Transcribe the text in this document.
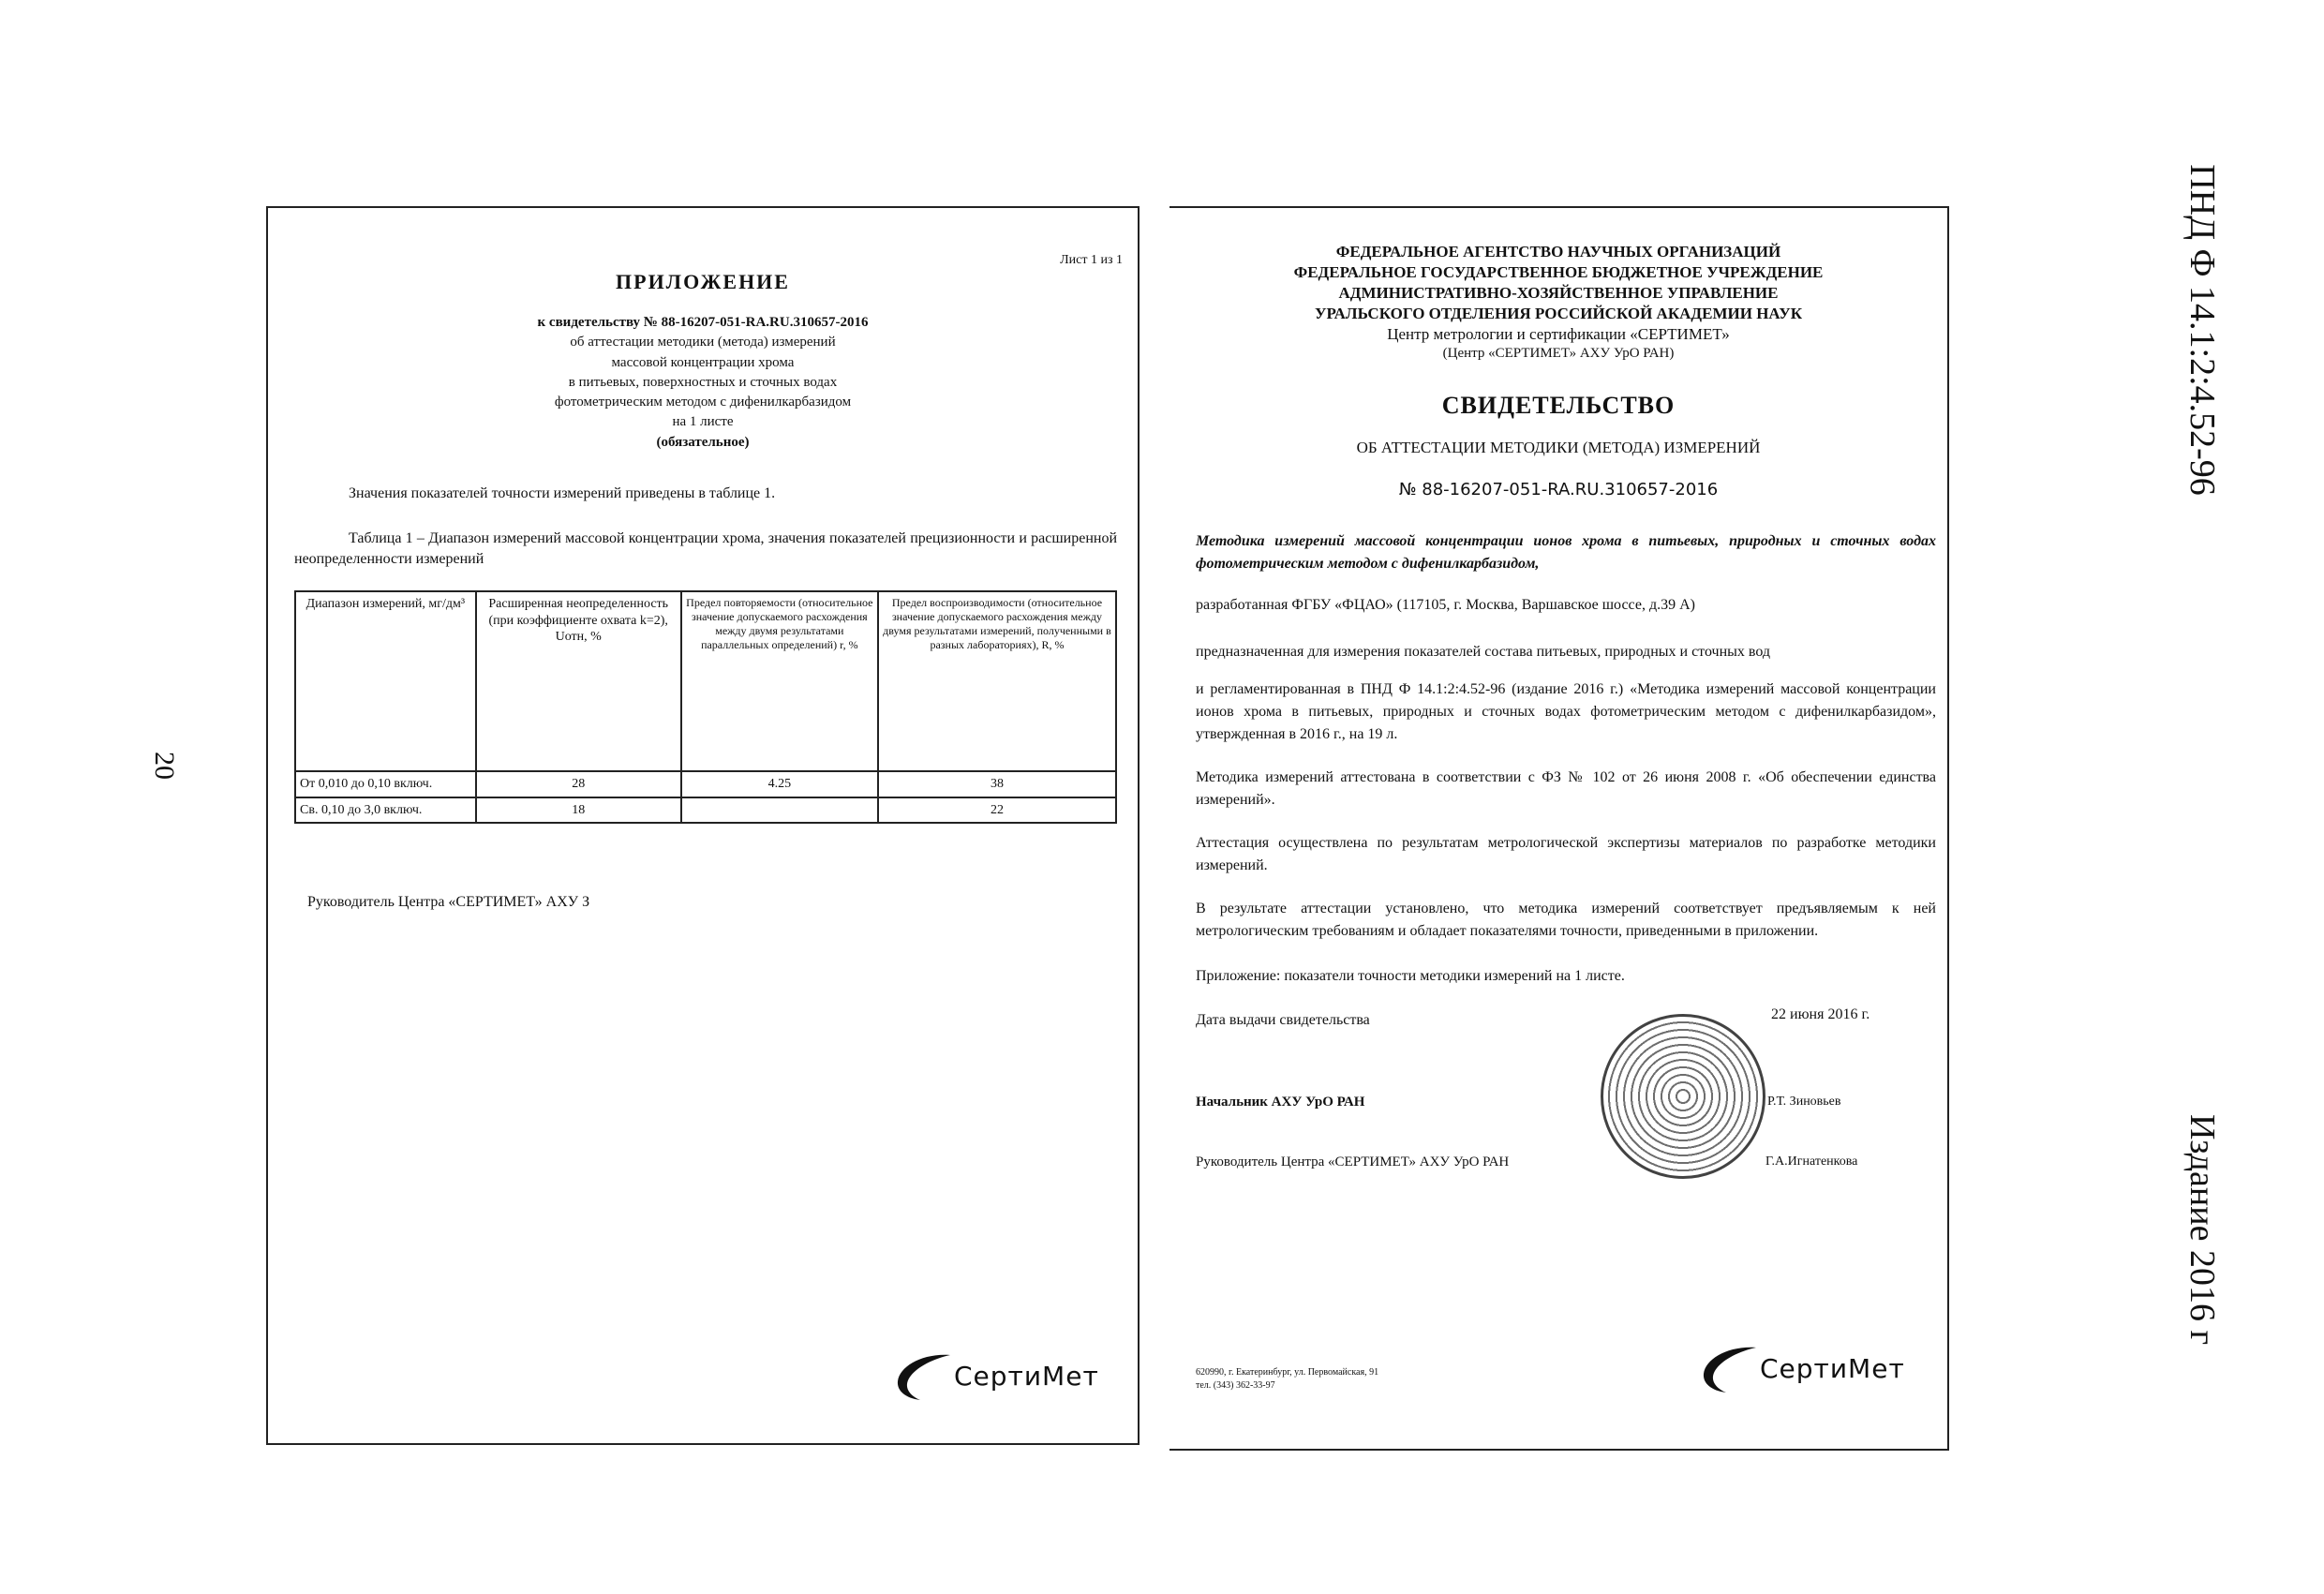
20
ПНД Ф 14.1:2:4.52-96
Издание 2016 г
Лист 1 из 1
ПРИЛОЖЕНИЕ
к свидетельству № 88-16207-051-RA.RU.310657-2016
об аттестации методики (метода) измерений
массовой концентрации хрома
в питьевых, поверхностных и сточных водах
фотометрическим методом с дифенилкарбазидом
на 1 листе
(обязательное)
Значения показателей точности измерений приведены в таблице 1.
Таблица 1 – Диапазон измерений массовой концентрации хрома, значения показателей прецизионности и расширенной неопределенности измерений
Диапазон измерений, мг/дм³	Расширенная неопределенность (при коэффициенте охвата k=2), Uотн, %	Предел повторяемости (относительное значение допускаемого расхождения между двумя результатами параллельных определений) r, %	Предел воспроизводимости (относительное значение допускаемого расхождения между двумя результатами измерений, полученными в разных лабораториях), R, %
От 0,010 до 0,10 включ.	28	4.25	38
Св. 0,10 до 3,0 включ.	18		22
Руководитель Центра «СЕРТИМЕТ» АХУ З
СертиМет
ФЕДЕРАЛЬНОЕ АГЕНТСТВО НАУЧНЫХ ОРГАНИЗАЦИЙ
ФЕДЕРАЛЬНОЕ ГОСУДАРСТВЕННОЕ БЮДЖЕТНОЕ УЧРЕЖДЕНИЕ
АДМИНИСТРАТИВНО-ХОЗЯЙСТВЕННОЕ УПРАВЛЕНИЕ
УРАЛЬСКОГО ОТДЕЛЕНИЯ РОССИЙСКОЙ АКАДЕМИИ НАУК
Центр метрологии и сертификации «СЕРТИМЕТ»
(Центр «СЕРТИМЕТ» АХУ УрО РАН)
СВИДЕТЕЛЬСТВО
ОБ АТТЕСТАЦИИ МЕТОДИКИ (МЕТОДА) ИЗМЕРЕНИЙ
№ 88-16207-051-RA.RU.310657-2016
Методика измерений массовой концентрации ионов хрома в питьевых, природных и сточных водах фотометрическим методом с дифенилкарбазидом,
разработанная ФГБУ «ФЦАО» (117105, г. Москва, Варшавское шоссе, д.39 А)
предназначенная для измерения показателей состава питьевых, природных и сточных вод
и регламентированная в ПНД Ф 14.1:2:4.52-96 (издание 2016 г.) «Методика измерений массовой концентрации ионов хрома в питьевых, природных и сточных водах фотометрическим методом с дифенилкарбазидом», утвержденная в 2016 г., на 19 л.
Методика измерений аттестована в соответствии с ФЗ № 102 от 26 июня 2008 г. «Об обеспечении единства измерений».
Аттестация осуществлена по результатам метрологической экспертизы материалов по разработке методики измерений.
В результате аттестации установлено, что методика измерений соответствует предъявляемым к ней метрологическим требованиям и обладает показателями точности, приведенными в приложении.
Приложение: показатели точности методики измерений на 1 листе.
Дата выдачи свидетельства	22 июня 2016 г.
Начальник АХУ УрО РАН	Р.Т. Зиновьев
Руководитель Центра «СЕРТИМЕТ» АХУ УрО РАН	Г.А.Игнатенкова
620990, г. Екатеринбург, ул. Первомайская, 91
тел. (343) 362-33-97
СертиМет
